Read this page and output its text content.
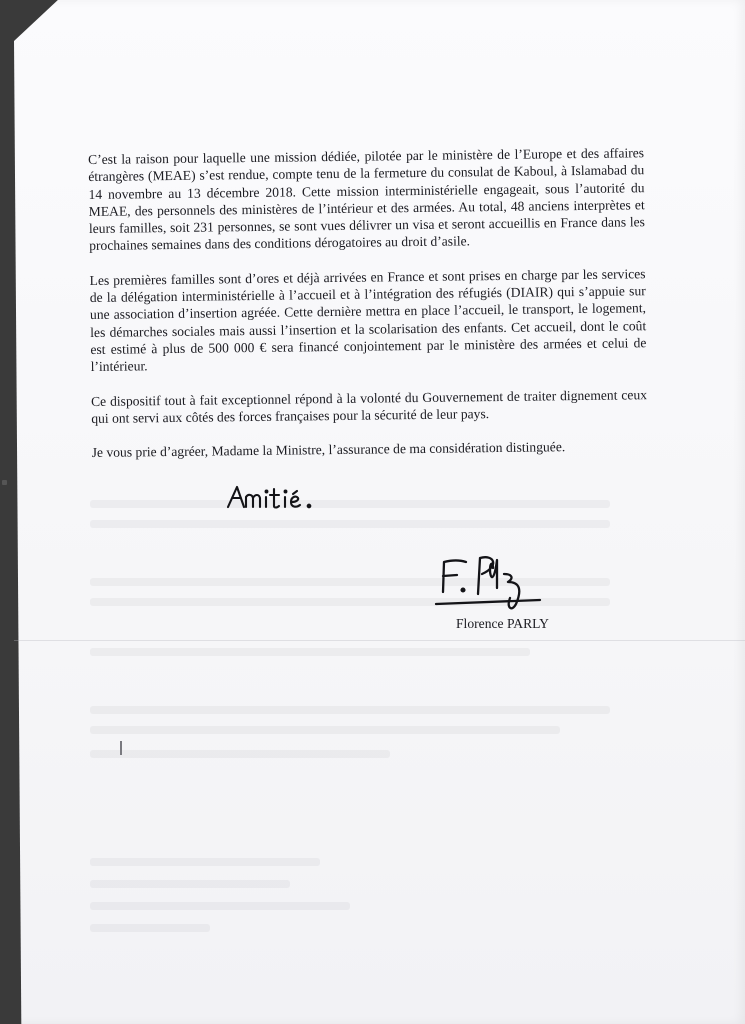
C’est la raison pour laquelle une mission dédiée, pilotée par le ministère de l’Europe et des affaires étrangères (MEAE) s’est rendue, compte tenu de la fermeture du consulat de Kaboul, à Islamabad du 14 novembre au 13 décembre 2018. Cette mission interministérielle engageait, sous l’autorité du MEAE, des personnels des ministères de l’intérieur et des armées. Au total, 48 anciens interprètes et leurs familles, soit 231 personnes, se sont vues délivrer un visa et seront accueillis en France dans les prochaines semaines dans des conditions dérogatoires au droit d’asile.

Les premières familles sont d’ores et déjà arrivées en France et sont prises en charge par les services de la délégation interministérielle à l’accueil et à l’intégration des réfugiés (DIAIR) qui s’appuie sur une association d’insertion agréée. Cette dernière mettra en place l’accueil, le transport, le logement, les démarches sociales mais aussi l’insertion et la scolarisation des enfants. Cet accueil, dont le coût est estimé à plus de 500 000 € sera financé conjointement par le ministère des armées et celui de l’intérieur.

Ce dispositif tout à fait exceptionnel répond à la volonté du Gouvernement de traiter dignement ceux qui ont servi aux côtés des forces françaises pour la sécurité de leur pays.

Je vous prie d’agréer, Madame la Ministre, l’assurance de ma considération distinguée.

Florence PARLY
